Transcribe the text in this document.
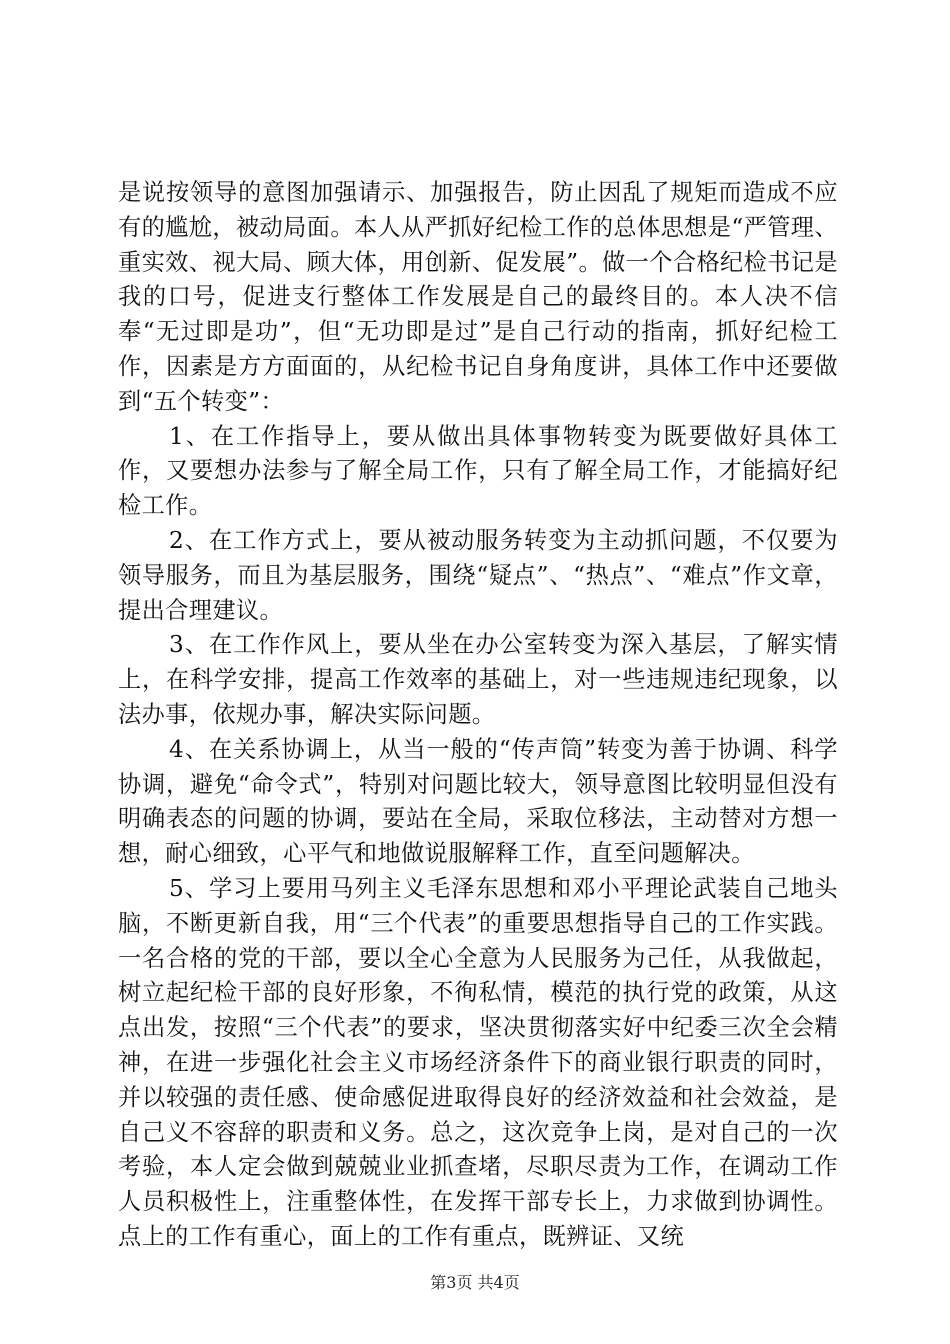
是说按领导的意图加强请示、加强报告，防止因乱了规矩而造成不应有的尴尬，被动局面。本人从严抓好纪检工作的总体思想是“严管理、重实效、视大局、顾大体，用创新、促发展”。做一个合格纪检书记是我的口号，促进支行整体工作发展是自己的最终目的。本人决不信奉“无过即是功”，但“无功即是过”是自己行动的指南，抓好纪检工作，因素是方方面面的，从纪检书记自身角度讲，具体工作中还要做到“五个转变”：

1、在工作指导上，要从做出具体事物转变为既要做好具体工作，又要想办法参与了解全局工作，只有了解全局工作，才能搞好纪检工作。

2、在工作方式上，要从被动服务转变为主动抓问题，不仅要为领导服务，而且为基层服务，围绕“疑点”、“热点”、“难点”作文章，提出合理建议。

3、在工作作风上，要从坐在办公室转变为深入基层，了解实情上，在科学安排，提高工作效率的基础上，对一些违规违纪现象，以法办事，依规办事，解决实际问题。

4、在关系协调上，从当一般的“传声筒”转变为善于协调、科学协调，避免“命令式”，特别对问题比较大，领导意图比较明显但没有明确表态的问题的协调，要站在全局，采取位移法，主动替对方想一想，耐心细致，心平气和地做说服解释工作，直至问题解决。

5、学习上要用马列主义毛泽东思想和邓小平理论武装自己地头脑，不断更新自我，用“三个代表”的重要思想指导自己的工作实践。一名合格的党的干部，要以全心全意为人民服务为己任，从我做起，树立起纪检干部的良好形象，不徇私情，模范的执行党的政策，从这点出发，按照“三个代表”的要求，坚决贯彻落实好中纪委三次全会精神，在进一步强化社会主义市场经济条件下的商业银行职责的同时，并以较强的责任感、使命感促进取得良好的经济效益和社会效益，是自己义不容辞的职责和义务。总之，这次竞争上岗，是对自己的一次考验，本人定会做到兢兢业业抓查堵，尽职尽责为工作，在调动工作人员积极性上，注重整体性，在发挥干部专长上，力求做到协调性。点上的工作有重心，面上的工作有重点，既辨证、又统

第3页 共4页
